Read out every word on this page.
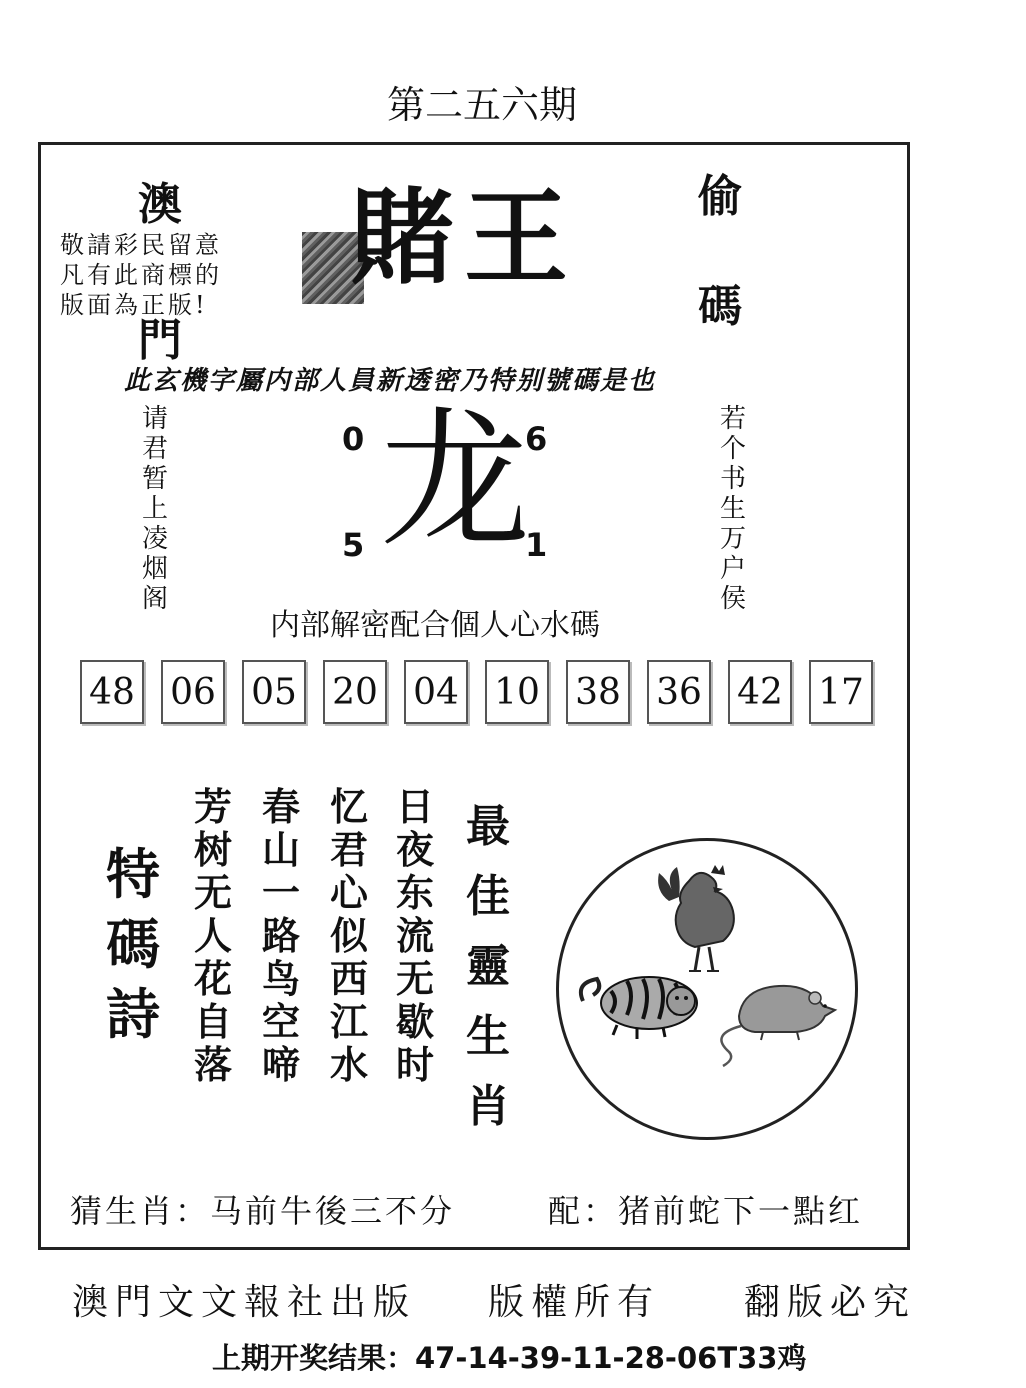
第二五六期
澳
門
偷
碼
敬請彩民留意
凡有此商標的
版面為正版!
賭王
此玄機字屬内部人員新透密乃特别號碼是也
请
君
暂
上
凌
烟
阁
若
个
书
生
万
户
侯
0	6
龙
5	1
内部解密配合個人心水碼
48 06 05 20 04 10 38 36 42 17
特
碼
詩
芳
树
无
人
花
自
落
春
山
一
路
鸟
空
啼
忆
君
心
似
西
江
水
日
夜
东
流
无
歇
时
最
佳
靈
生
肖
猜生肖：马前牛後三不分	配：猪前蛇下一點红
澳門文文報社出版 版權所有 翻版必究
上期开奖结果：47-14-39-11-28-06T33鸡
